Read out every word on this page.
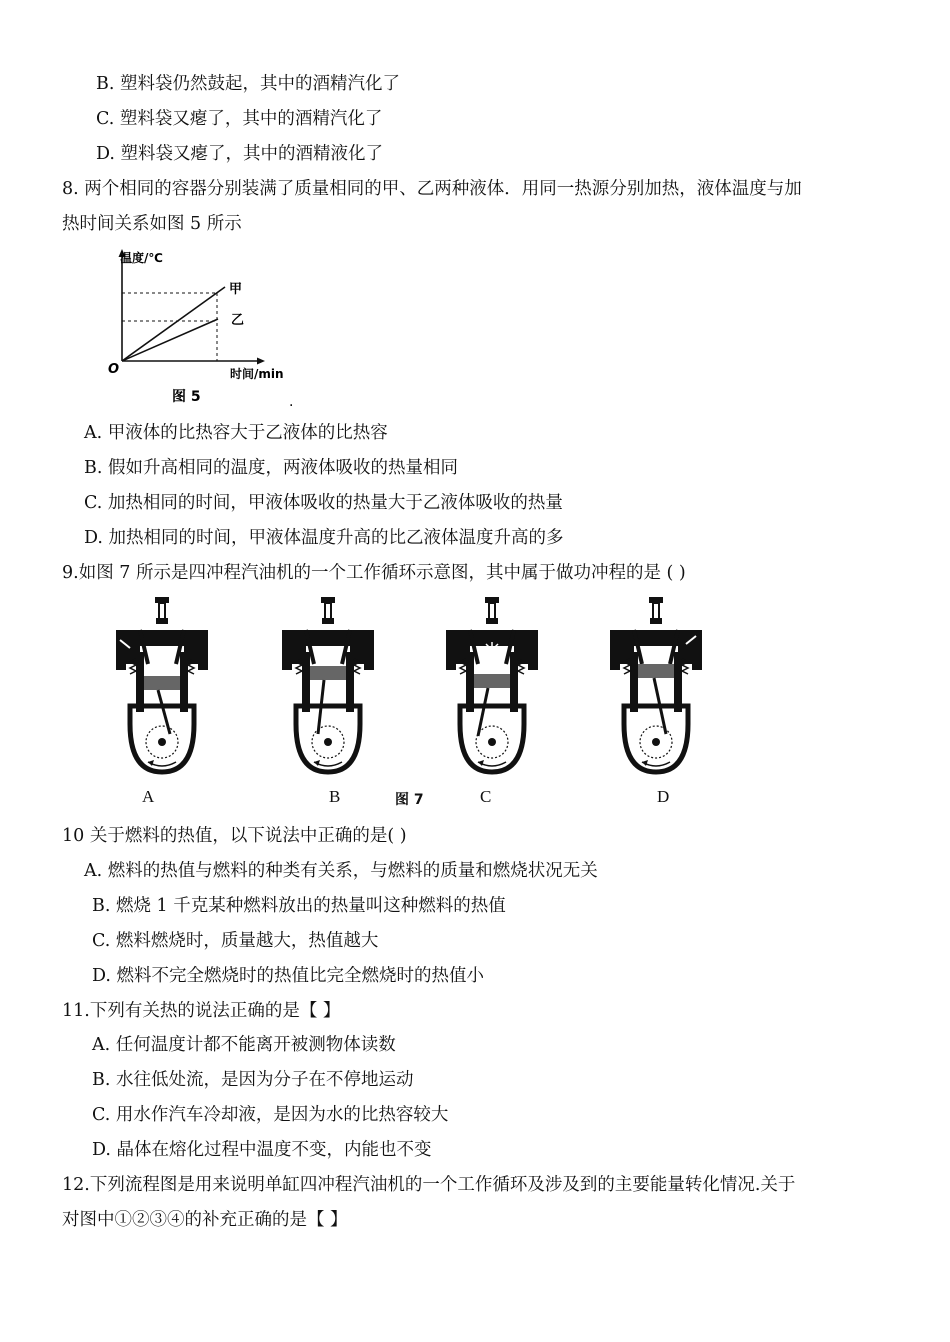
B. 塑料袋仍然鼓起，其中的酒精汽化了
C. 塑料袋又瘪了，其中的酒精汽化了
D. 塑料袋又瘪了，其中的酒精液化了
8. 两个相同的容器分别装满了质量相同的甲、乙两种液体．用同一热源分别加热，液体温度与加
热时间关系如图 5 所示
温度/℃
甲
乙
O	时间/min
图 5	.
A. 甲液体的比热容大于乙液体的比热容
B. 假如升高相同的温度，两液体吸收的热量相同
C. 加热相同的时间，甲液体吸收的热量大于乙液体吸收的热量
D. 加热相同的时间，甲液体温度升高的比乙液体温度升高的多
9.如图 7 所示是四冲程汽油机的一个工作循环示意图，其中属于做功冲程的是 ( )
A	B	图 7	C	D
10 关于燃料的热值，以下说法中正确的是( )
A. 燃料的热值与燃料的种类有关系，与燃料的质量和燃烧状况无关
B. 燃烧 1 千克某种燃料放出的热量叫这种燃料的热值
C. 燃料燃烧时，质量越大，热值越大
D. 燃料不完全燃烧时的热值比完全燃烧时的热值小
11.下列有关热的说法正确的是【 】
A. 任何温度计都不能离开被测物体读数
B. 水往低处流，是因为分子在不停地运动
C. 用水作汽车冷却液，是因为水的比热容较大
D. 晶体在熔化过程中温度不变，内能也不变
12.下列流程图是用来说明单缸四冲程汽油机的一个工作循环及涉及到的主要能量转化情况.关于
对图中①②③④的补充正确的是【 】
